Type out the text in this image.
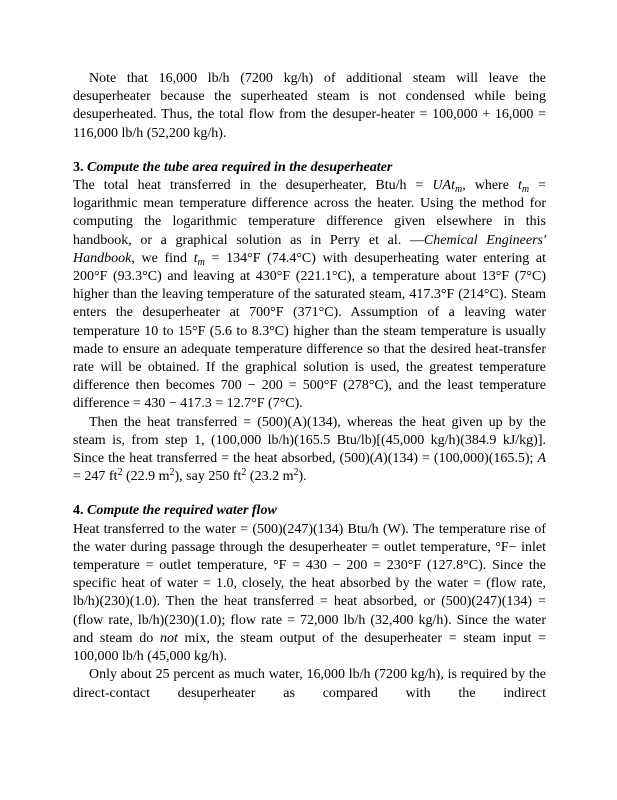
Note that 16,000 lb/h (7200 kg/h) of additional steam will leave the desuperheater because the superheated steam is not condensed while being desuperheated. Thus, the total flow from the desuper-heater = 100,000 + 16,000 = 116,000 lb/h (52,200 kg/h).

3. Compute the tube area required in the desuperheater

The total heat transferred in the desuperheater, Btu/h = UAt$_m$, where $t_m$ = logarithmic mean temperature difference across the heater. Using the method for computing the logarithmic temperature difference given elsewhere in this handbook, or a graphical solution as in Perry et al. —Chemical Engineers' Handbook, we find $t_m = 134^\circ F$ (74.4°C) with desuperheating water entering at 200°F (93.3°C) and leaving at 430°F (221.1°C), a temperature about 13°F (7°C) higher than the leaving temperature of the saturated steam, 417.3°F (214°C). Steam enters the desuperheater at 700°F (371°C). Assumption of a leaving water temperature 10 to 15°F (5.6 to 8.3°C) higher than the steam temperature is usually made to ensure an adequate temperature difference so that the desired heat-transfer rate will be obtained. If the graphical solution is used, the greatest temperature difference then becomes 700 − 200 = 500°F (278°C), and the least temperature difference = 430 − 417.3 = 12.7°F (7°C).

Then the heat transferred = (500)(A)(134), whereas the heat given up by the steam is, from step 1, (100,000 lb/h)(165.5 Btu/lb)[(45,000 kg/h)(384.9 kJ/kg)]. Since the heat transferred = the heat absorbed, (500)(A)(134) = (100,000)(165.5); A = 247 $ft^2$ (22.9 $m^2$), say 250 $ft^2$ (23.2 $m^2$).

4. Compute the required water flow

Heat transferred to the water = (500)(247)(134) Btu/h (W). The temperature rise of the water during passage through the desuperheater = outlet temperature, °F− inlet temperature = outlet temperature, °F = 430 − 200 = 230°F (127.8°C). Since the specific heat of water = 1.0, closely, the heat absorbed by the water = (flow rate, lb/h)(230)(1.0). Then the heat transferred = heat absorbed, or (500)(247)(134) = (flow rate, lb/h)(230)(1.0); flow rate = 72,000 lb/h (32,400 kg/h). Since the water and steam do not mix, the steam output of the desuperheater = steam input = 100,000 lb/h (45,000 kg/h).

Only about 25 percent as much water, 16,000 lb/h (7200 kg/h), is required by the direct-contact desuperheater as compared with the indirect
